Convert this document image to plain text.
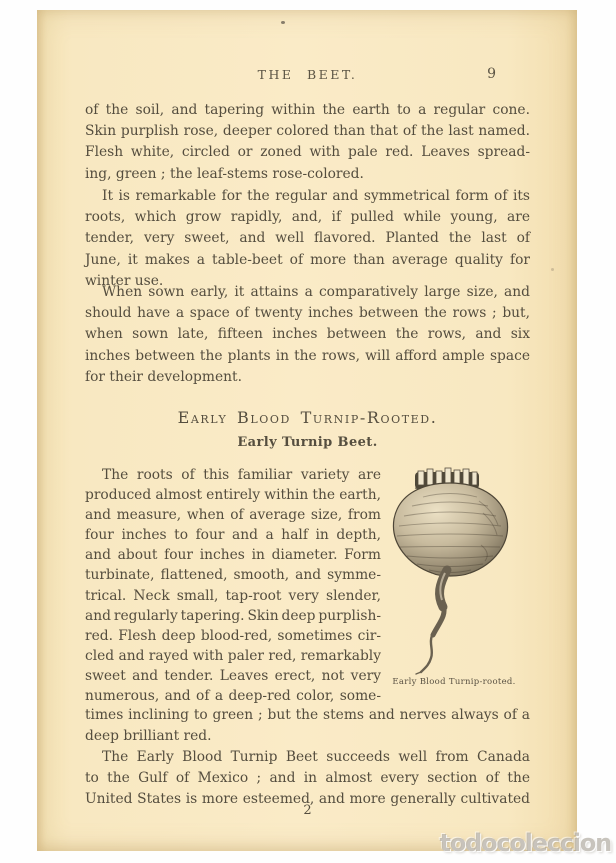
THE BEET.	9
of the soil, and tapering within the earth to a regular cone.
Skin purplish rose, deeper colored than that of the last named.
Flesh white, circled or zoned with pale red. Leaves spread-
ing, green ; the leaf-stems rose-colored.
It is remarkable for the regular and symmetrical form of its
roots, which grow rapidly, and, if pulled while young, are
tender, very sweet, and well flavored. Planted the last of
June, it makes a table-beet of more than average quality for
winter use.
When sown early, it attains a comparatively large size, and
should have a space of twenty inches between the rows ; but,
when sown late, fifteen inches between the rows, and six
inches between the plants in the rows, will afford ample space
for their development.
Early Blood Turnip-Rooted.
Early Turnip Beet.
The roots of this familiar variety are
produced almost entirely within the earth,
and measure, when of average size, from
four inches to four and a half in depth,
and about four inches in diameter. Form
turbinate, flattened, smooth, and symme-
trical. Neck small, tap-root very slender,
and regularly tapering. Skin deep purplish-
red. Flesh deep blood-red, sometimes cir-
cled and rayed with paler red, remarkably
sweet and tender. Leaves erect, not very
numerous, and of a deep-red color, some-
Early Blood Turnip-rooted.
times inclining to green ; but the stems and nerves always of a
deep brilliant red.
The Early Blood Turnip Beet succeeds well from Canada
to the Gulf of Mexico ; and in almost every section of the
United States is more esteemed, and more generally cultivated
2
todocoleccion
